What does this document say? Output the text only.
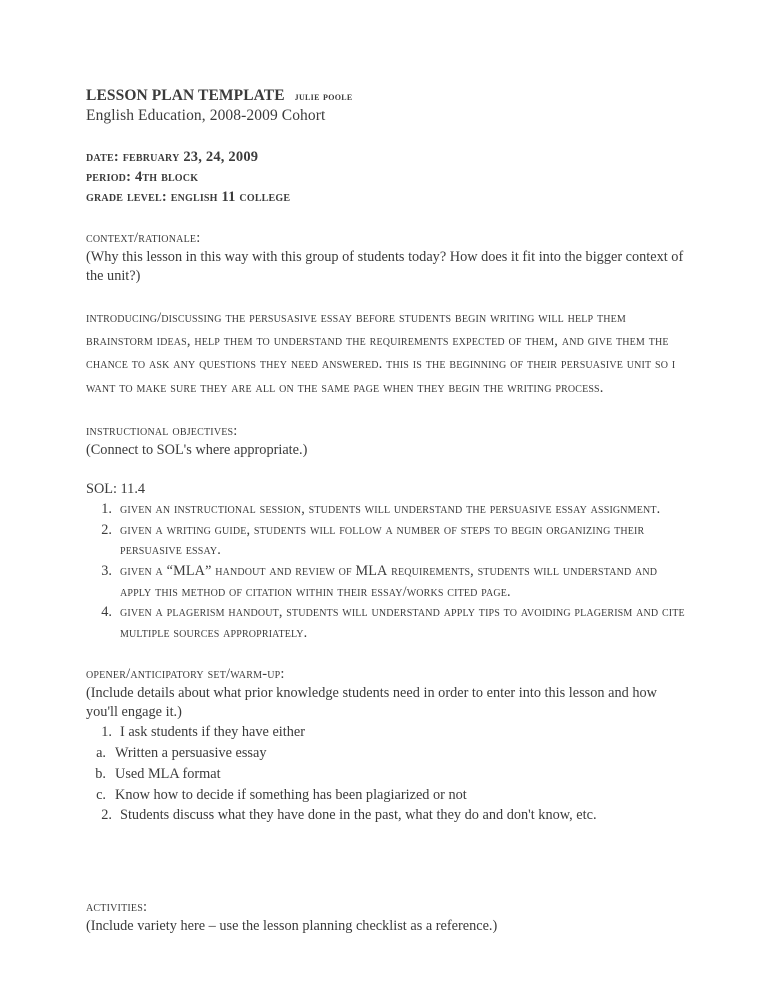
LESSON PLAN TEMPLATE julie poole
English Education, 2008-2009 Cohort
date: february 23, 24, 2009
period: 4th block
grade level: english 11 college
context/rationale:
(Why this lesson in this way with this group of students today? How does it fit into the bigger context of the unit?)
introducing/discussing the persusasive essay before students begin writing will help them brainstorm ideas, help them to understand the requirements expected of them, and give them the chance to ask any questions they need answered. this is the beginning of their persuasive unit so i want to make sure they are all on the same page when they begin the writing process.
instructional objectives:
(Connect to SOL's where appropriate.)
SOL: 11.4
1. given an instructional session, students will understand the persuasive essay assignment.
2. given a writing guide, students will follow a number of steps to begin organizing their persuasive essay.
3. given a “MLA” handout and review of MLA requirements, students will understand and apply this method of citation within their essay/works cited page.
4. given a plagerism handout, students will understand apply tips to avoiding plagerism and cite multiple sources appropriately.
opener/anticipatory set/warm-up:
(Include details about what prior knowledge students need in order to enter into this lesson and how you'll engage it.)
1. I ask students if they have either
a. Written a persuasive essay
b. Used MLA format
c. Know how to decide if something has been plagiarized or not
2. Students discuss what they have done in the past, what they do and don't know, etc.
activities:
(Include variety here – use the lesson planning checklist as a reference.)
